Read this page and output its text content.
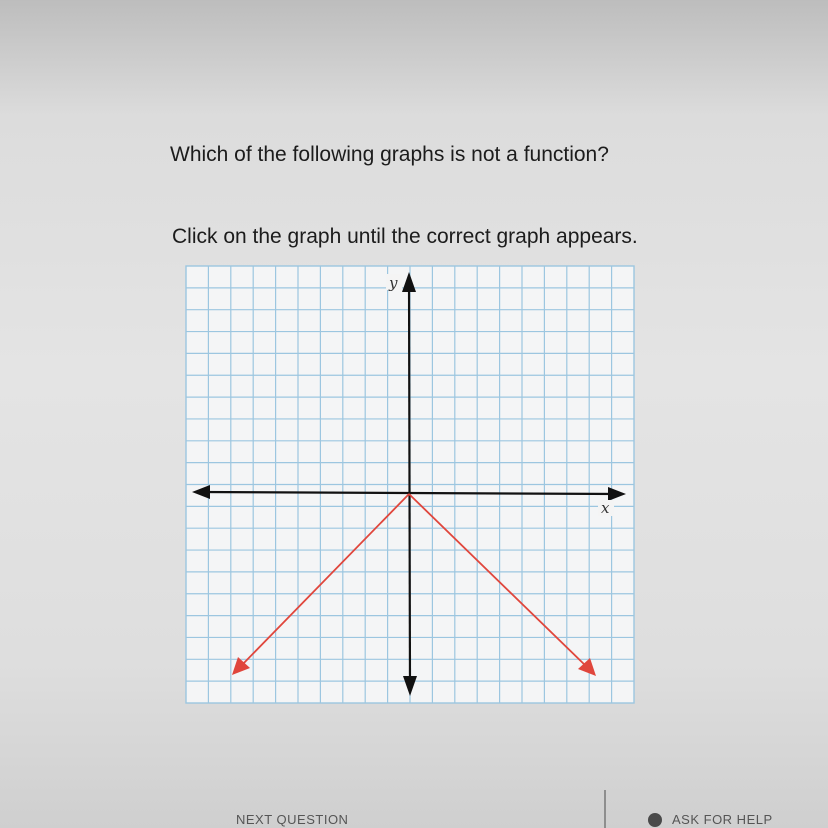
Which of the following graphs is not a function?
Click on the graph until the correct graph appears.
y
x
NEXT QUESTION	ASK FOR HELP
